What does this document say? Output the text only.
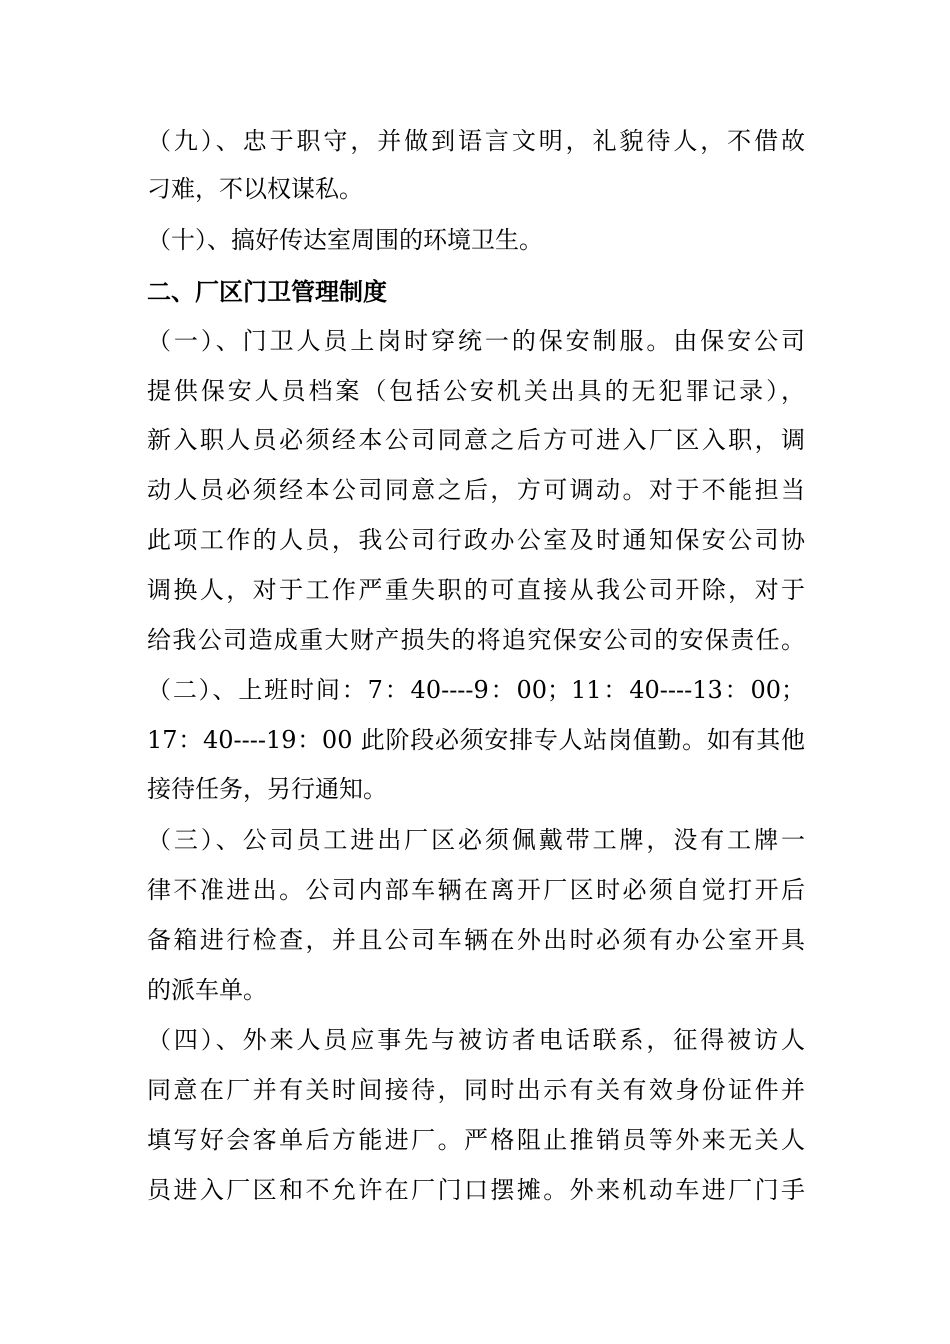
（九）、忠于职守，并做到语言文明，礼貌待人，不借故
刁难，不以权谋私。
（十）、搞好传达室周围的环境卫生。
二、厂区门卫管理制度
（一）、门卫人员上岗时穿统一的保安制服。由保安公司
提供保安人员档案（包括公安机关出具的无犯罪记录），
新入职人员必须经本公司同意之后方可进入厂区入职，调
动人员必须经本公司同意之后，方可调动。对于不能担当
此项工作的人员，我公司行政办公室及时通知保安公司协
调换人，对于工作严重失职的可直接从我公司开除，对于
给我公司造成重大财产损失的将追究保安公司的安保责任。
（二）、上班时间：7：40----9：00；11：40----13：00；
17：40----19：00 此阶段必须安排专人站岗值勤。如有其他
接待任务，另行通知。
（三）、公司员工进出厂区必须佩戴带工牌，没有工牌一
律不准进出。公司内部车辆在离开厂区时必须自觉打开后
备箱进行检查，并且公司车辆在外出时必须有办公室开具
的派车单。
（四）、外来人员应事先与被访者电话联系，征得被访人
同意在厂并有关时间接待，同时出示有关有效身份证件并
填写好会客单后方能进厂。严格阻止推销员等外来无关人
员进入厂区和不允许在厂门口摆摊。外来机动车进厂门手
